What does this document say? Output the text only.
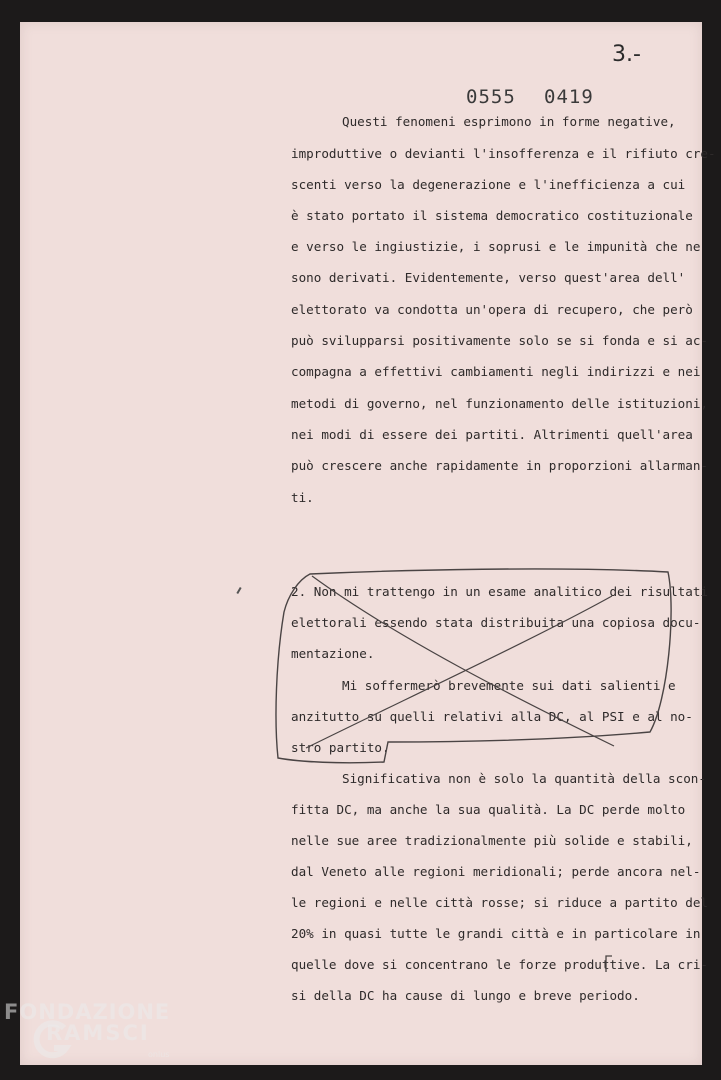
3.-
0555 0419
Questi fenomeni esprimono in forme negative,
improduttive o devianti l'insofferenza e il rifiuto cre-
scenti verso la degenerazione e l'inefficienza a cui
è stato portato il sistema democratico costituzionale
e verso le ingiustizie, i soprusi e le impunità che ne
sono derivati. Evidentemente, verso quest'area dell'
elettorato va condotta un'opera di recupero, che però
può svilupparsi positivamente solo se si fonda e si ac-
compagna a effettivi cambiamenti negli indirizzi e nei
metodi di governo, nel funzionamento delle istituzioni,
nei modi di essere dei partiti. Altrimenti quell'area
può crescere anche rapidamente in proporzioni allarman-
ti.
2. Non mi trattengo in un esame analitico dei risultati
elettorali essendo stata distribuita una copiosa docu-
mentazione.
Mi soffermerò brevemente sui dati salienti e
anzitutto su quelli relativi alla DC, al PSI e al no-
stro partito.
Significativa non è solo la quantità della scon-
fitta DC, ma anche la sua qualità. La DC perde molto
nelle sue aree tradizionalmente più solide e stabili,
dal Veneto alle regioni meridionali; perde ancora nel-
le regioni e nelle città rosse; si riduce a partito del
20% in quasi tutte le grandi città e in particolare in
quelle dove si concentrano le forze produttive. La cri-
si della DC ha cause di lungo e breve periodo.
FONDAZIONE
RAMSCI
onlus
